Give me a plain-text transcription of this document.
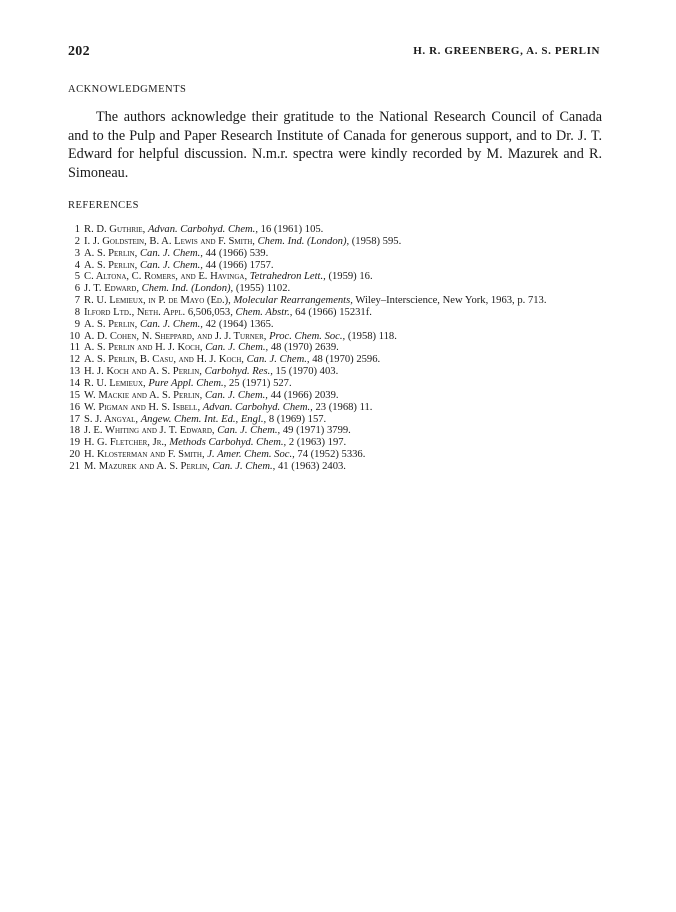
202	H. R. GREENBERG, A. S. PERLIN
ACKNOWLEDGMENTS

The authors acknowledge their gratitude to the National Research Council of Canada and to the Pulp and Paper Research Institute of Canada for generous support, and to Dr. J. T. Edward for helpful discussion. N.m.r. spectra were kindly recorded by M. Mazurek and R. Simoneau.

REFERENCES
1 R. D. Guthrie, Advan. Carbohyd. Chem., 16 (1961) 105.
2 I. J. Goldstein, B. A. Lewis and F. Smith, Chem. Ind. (London), (1958) 595.
3 A. S. Perlin, Can. J. Chem., 44 (1966) 539.
4 A. S. Perlin, Can. J. Chem., 44 (1966) 1757.
5 C. Altona, C. Romers, and E. Havinga, Tetrahedron Lett., (1959) 16.
6 J. T. Edward, Chem. Ind. (London), (1955) 1102.
7 R. U. Lemieux, in P. de Mayo (Ed.), Molecular Rearrangements, Wiley–Interscience, New York, 1963, p. 713.
8 Ilford Ltd., Neth. Appl. 6,506,053, Chem. Abstr., 64 (1966) 15231f.
9 A. S. Perlin, Can. J. Chem., 42 (1964) 1365.
10 A. D. Cohen, N. Sheppard, and J. J. Turner, Proc. Chem. Soc., (1958) 118.
11 A. S. Perlin and H. J. Koch, Can. J. Chem., 48 (1970) 2639.
12 A. S. Perlin, B. Casu, and H. J. Koch, Can. J. Chem., 48 (1970) 2596.
13 H. J. Koch and A. S. Perlin, Carbohyd. Res., 15 (1970) 403.
14 R. U. Lemieux, Pure Appl. Chem., 25 (1971) 527.
15 W. Mackie and A. S. Perlin, Can. J. Chem., 44 (1966) 2039.
16 W. Pigman and H. S. Isbell, Advan. Carbohyd. Chem., 23 (1968) 11.
17 S. J. Angyal, Angew. Chem. Int. Ed., Engl., 8 (1969) 157.
18 J. E. Whiting and J. T. Edward, Can. J. Chem., 49 (1971) 3799.
19 H. G. Fletcher, Jr., Methods Carbohyd. Chem., 2 (1963) 197.
20 H. Klosterman and F. Smith, J. Amer. Chem. Soc., 74 (1952) 5336.
21 M. Mazurek and A. S. Perlin, Can. J. Chem., 41 (1963) 2403.
